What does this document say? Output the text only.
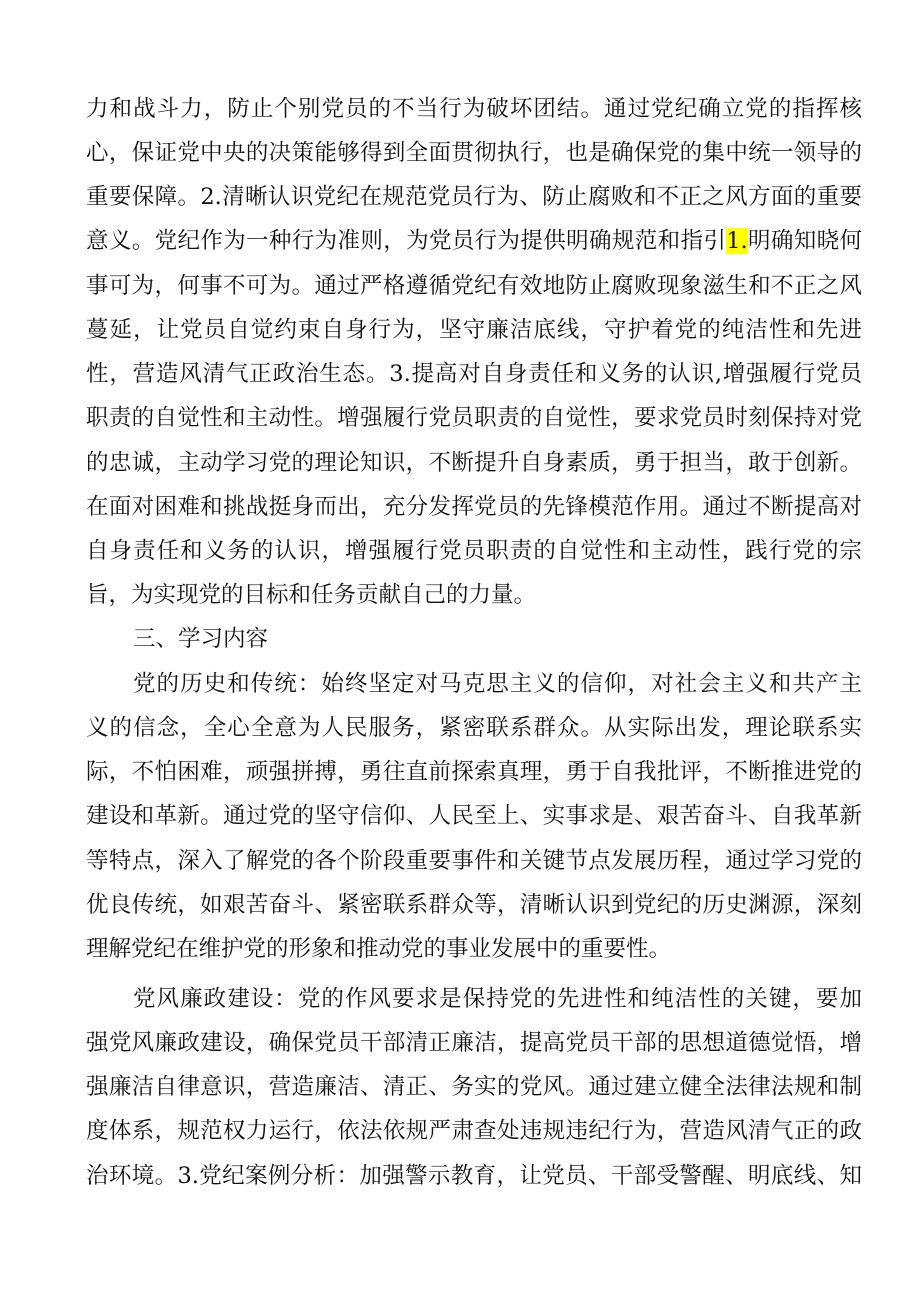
力和战斗力，防止个别党员的不当行为破坏团结。通过党纪确立党的指挥核
心，保证党中央的决策能够得到全面贯彻执行，也是确保党的集中统一领导的
重要保障。2.清晰认识党纪在规范党员行为、防止腐败和不正之风方面的重要
意义。党纪作为一种行为准则，为党员行为提供明确规范和指引1.明确知晓何
事可为，何事不可为。通过严格遵循党纪有效地防止腐败现象滋生和不正之风
蔓延，让党员自觉约束自身行为，坚守廉洁底线，守护着党的纯洁性和先进
性，营造风清气正政治生态。3.提高对自身责任和义务的认识,增强履行党员
职责的自觉性和主动性。增强履行党员职责的自觉性，要求党员时刻保持对党
的忠诚，主动学习党的理论知识，不断提升自身素质，勇于担当，敢于创新。
在面对困难和挑战挺身而出，充分发挥党员的先锋模范作用。通过不断提高对
自身责任和义务的认识，增强履行党员职责的自觉性和主动性，践行党的宗
旨，为实现党的目标和任务贡献自己的力量。
三、学习内容
党的历史和传统：始终坚定对马克思主义的信仰，对社会主义和共产主
义的信念，全心全意为人民服务，紧密联系群众。从实际出发，理论联系实
际，不怕困难，顽强拼搏，勇往直前探索真理，勇于自我批评，不断推进党的
建设和革新。通过党的坚守信仰、人民至上、实事求是、艰苦奋斗、自我革新
等特点，深入了解党的各个阶段重要事件和关键节点发展历程，通过学习党的
优良传统，如艰苦奋斗、紧密联系群众等，清晰认识到党纪的历史渊源，深刻
理解党纪在维护党的形象和推动党的事业发展中的重要性。
党风廉政建设：党的作风要求是保持党的先进性和纯洁性的关键，要加
强党风廉政建设，确保党员干部清正廉洁，提高党员干部的思想道德觉悟，增
强廉洁自律意识，营造廉洁、清正、务实的党风。通过建立健全法律法规和制
度体系，规范权力运行，依法依规严肃查处违规违纪行为，营造风清气正的政
治环境。3.党纪案例分析：加强警示教育，让党员、干部受警醒、明底线、知
